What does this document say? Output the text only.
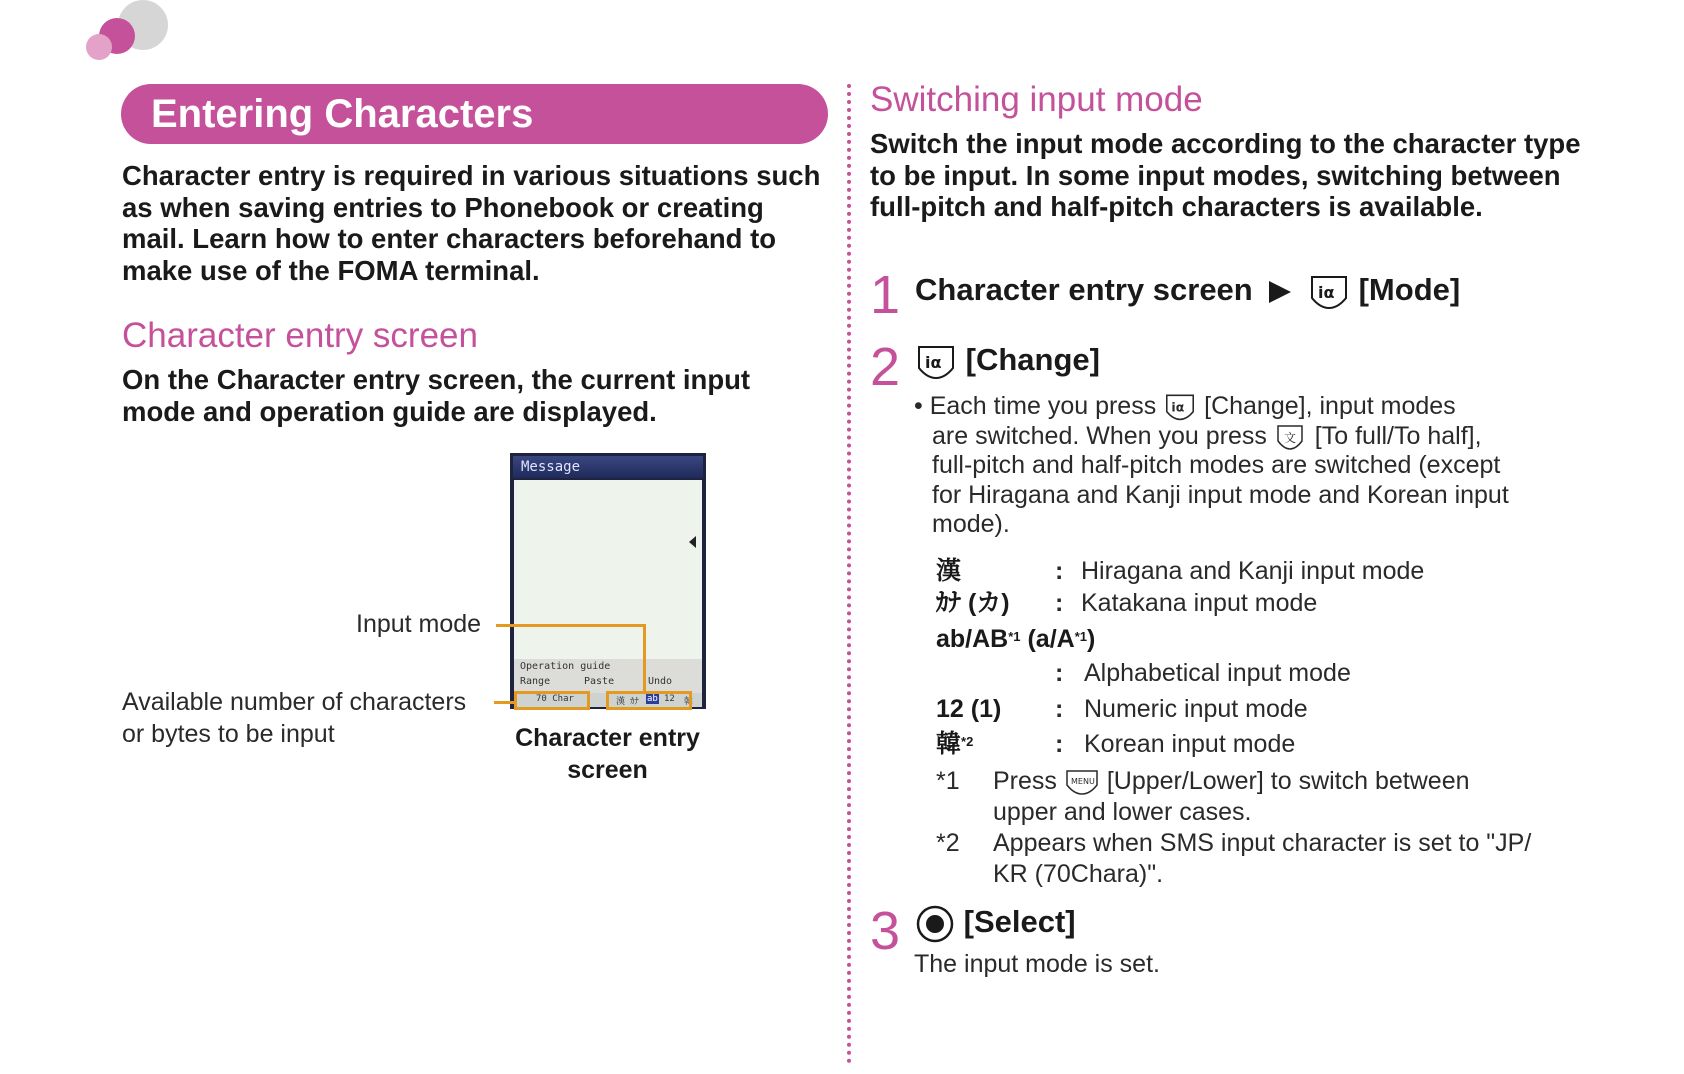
Entering Characters
Character entry is required in various situations such as when saving entries to Phonebook or creating mail. Learn how to enter characters beforehand to make use of the FOMA terminal.
Character entry screen
On the Character entry screen, the current input mode and operation guide are displayed.
Message
Operation guide
Range	Paste	Undo
70 Char	漢 ｶﾅ ab 12 韓
Input mode
Available number of characters
or bytes to be input	Character entry
screen
Switching input mode
Switch the input mode according to the character type to be input. In some input modes, switching between full-pitch and half-pitch characters is available.
1 Character entry screen	iα [Mode]
2 iα [Change]
• Each time you press iα [Change], input modes
are switched. When you press 文 [To full/To half],
full-pitch and half-pitch modes are switched (except
for Hiragana and Kanji input mode and Korean input
mode).
漢	: Hiragana and Kanji input mode
ｶﾅ (カ) : Katakana input mode
ab/AB$^{*1}$ $(a/A^{*1})$
: Alphabetical input mode
12 (1) : Numeric input mode
韓$^{*2}$	: Korean input mode
*1 Press MENU [Upper/Lower] to switch between
upper and lower cases.
*2 Appears when SMS input character is set to "JP/
KR (70Chara)".
3	[Select]
The input mode is set.
